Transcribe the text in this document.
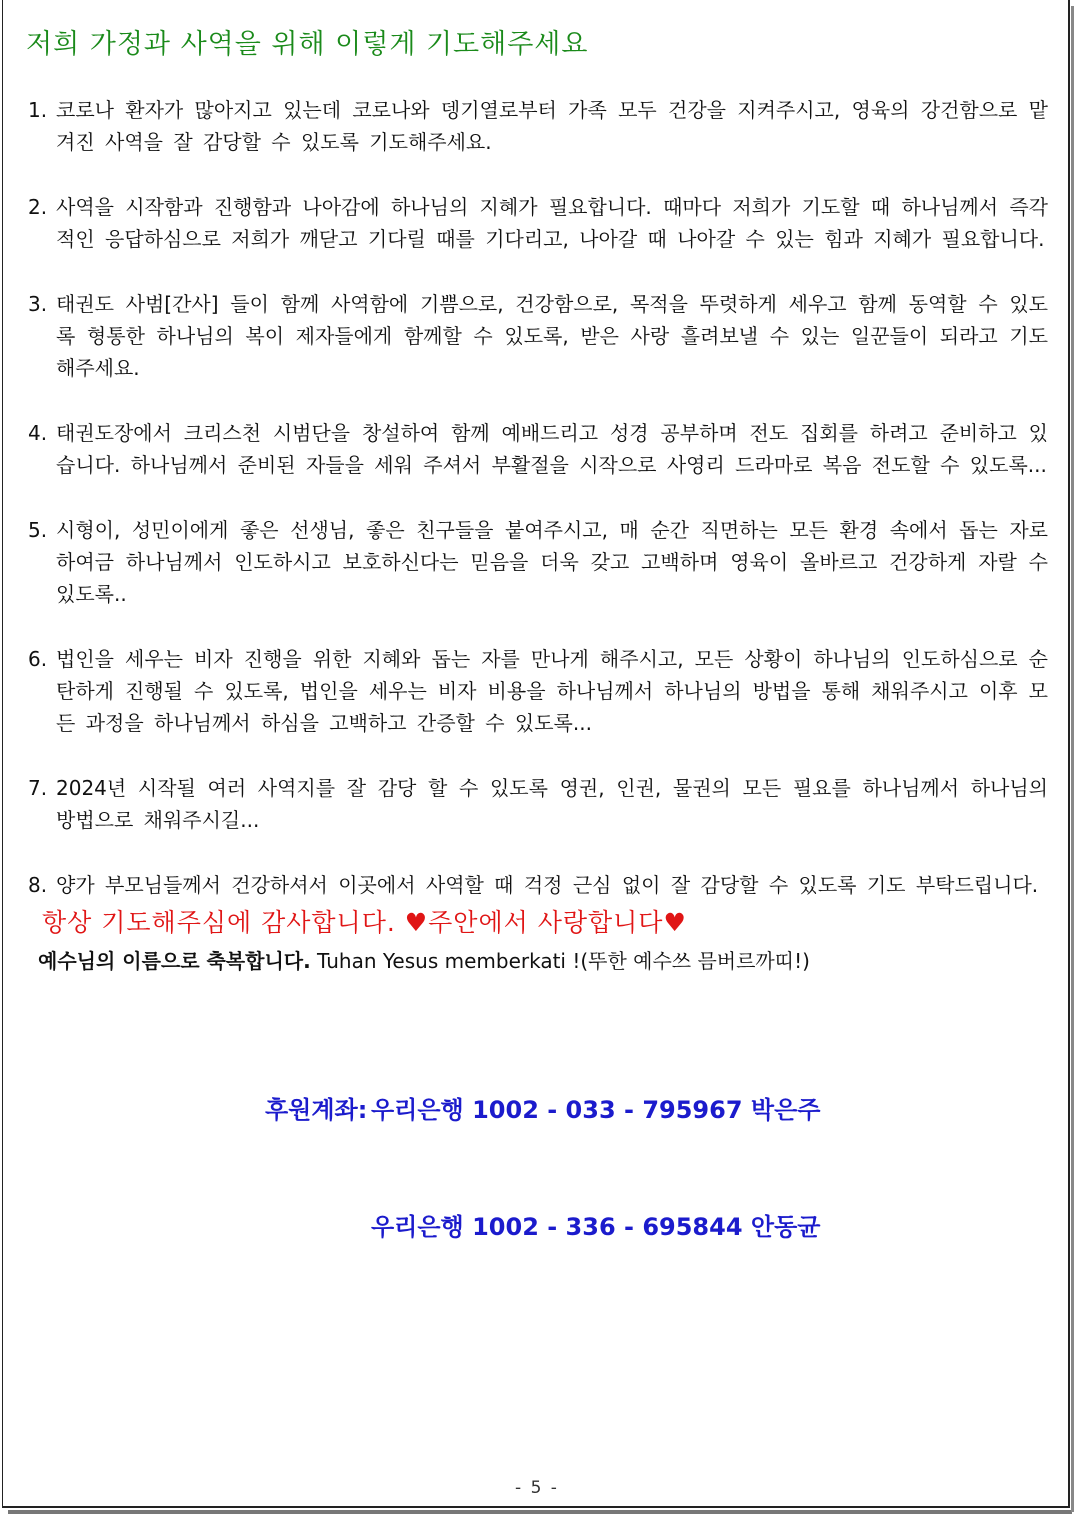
저희 가정과 사역을 위해 이렇게 기도해주세요
1. 코로나 환자가 많아지고 있는데 코로나와 뎅기열로부터 가족 모두 건강을 지켜주시고, 영육의 강건함으로 맡겨진 사역을 잘 감당할 수 있도록 기도해주세요.
2. 사역을 시작함과 진행함과 나아감에 하나님의 지혜가 필요합니다. 때마다 저희가 기도할 때 하나님께서 즉각적인 응답하심으로 저희가 깨닫고 기다릴 때를 기다리고, 나아갈 때 나아갈 수 있는 힘과 지혜가 필요합니다.
3. 태권도 사범[간사] 들이 함께 사역함에 기쁨으로, 건강함으로, 목적을 뚜렷하게 세우고 함께 동역할 수 있도록 형통한 하나님의 복이 제자들에게 함께할 수 있도록, 받은 사랑 흘려보낼 수 있는 일꾼들이 되라고 기도해주세요.
4. 태권도장에서 크리스천 시범단을 창설하여 함께 예배드리고 성경 공부하며 전도 집회를 하려고 준비하고 있습니다. 하나님께서 준비된 자들을 세워 주셔서 부활절을 시작으로 사영리 드라마로 복음 전도할 수 있도록...
5. 시형이, 성민이에게 좋은 선생님, 좋은 친구들을 붙여주시고, 매 순간 직면하는 모든 환경 속에서 돕는 자로 하여금 하나님께서 인도하시고 보호하신다는 믿음을 더욱 갖고 고백하며 영육이 올바르고 건강하게 자랄 수 있도록..
6. 법인을 세우는 비자 진행을 위한 지혜와 돕는 자를 만나게 해주시고, 모든 상황이 하나님의 인도하심으로 순탄하게 진행될 수 있도록, 법인을 세우는 비자 비용을 하나님께서 하나님의 방법을 통해 채워주시고 이후 모든 과정을 하나님께서 하심을 고백하고 간증할 수 있도록...
7. 2024년 시작될 여러 사역지를 잘 감당 할 수 있도록 영권, 인권, 물권의 모든 필요를 하나님께서 하나님의 방법으로 채워주시길...
8. 양가 부모님들께서 건강하셔서 이곳에서 사역할 때 걱정 근심 없이 잘 감당할 수 있도록 기도 부탁드립니다.
항상 기도해주심에 감사합니다. ♥주안에서 사랑합니다♥
예수님의 이름으로 축복합니다. Tuhan Yesus memberkati !(뚜한 예수쓰 믐버르까띠!)

후원계좌: 우리은행 1002 - 033 - 795967 박은주

우리은행 1002 - 336 - 695844 안동균

- 5 -
